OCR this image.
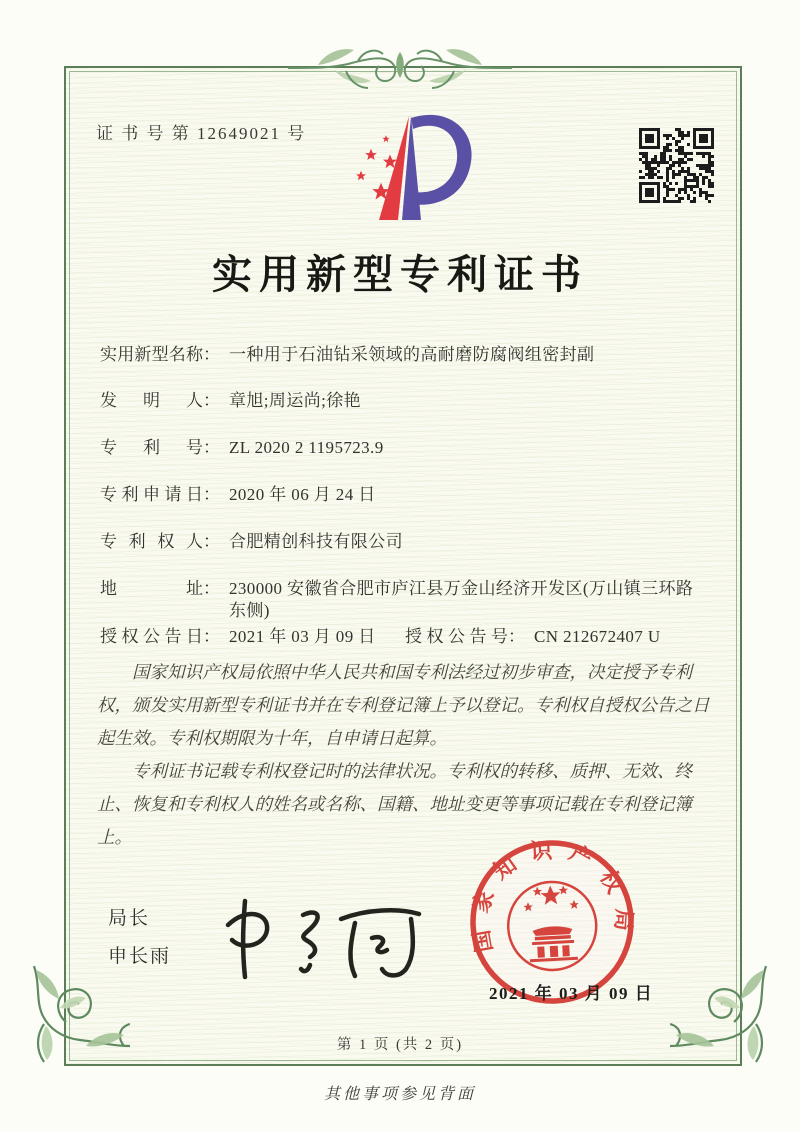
证 书 号 第 12649021 号
实用新型专利证书
实用新型名称： 一种用于石油钻采领域的高耐磨防腐阀组密封副
发明人： 章旭;周运尚;徐艳
专利号： ZL 2020 2 1195723.9
专利申请日： 2020 年 06 月 24 日
专利权人： 合肥精创科技有限公司
地址： 230000 安徽省合肥市庐江县万金山经济开发区(万山镇三环路东侧)
授权公告日： 2021 年 03 月 09 日 授权公告号： CN 212672407 U

国家知识产权局依照中华人民共和国专利法经过初步审查，决定授予专利权，颁发实用新型专利证书并在专利登记簿上予以登记。专利权自授权公告之日起生效。专利权期限为十年，自申请日起算。

专利证书记载专利权登记时的法律状况。专利权的转移、质押、无效、终止、恢复和专利权人的姓名或名称、国籍、地址变更等事项记载在专利登记簿上。

局长
申长雨
国家知识产权局
2021 年 03 月 09 日
第 1 页 (共 2 页)
其他事项参见背面
